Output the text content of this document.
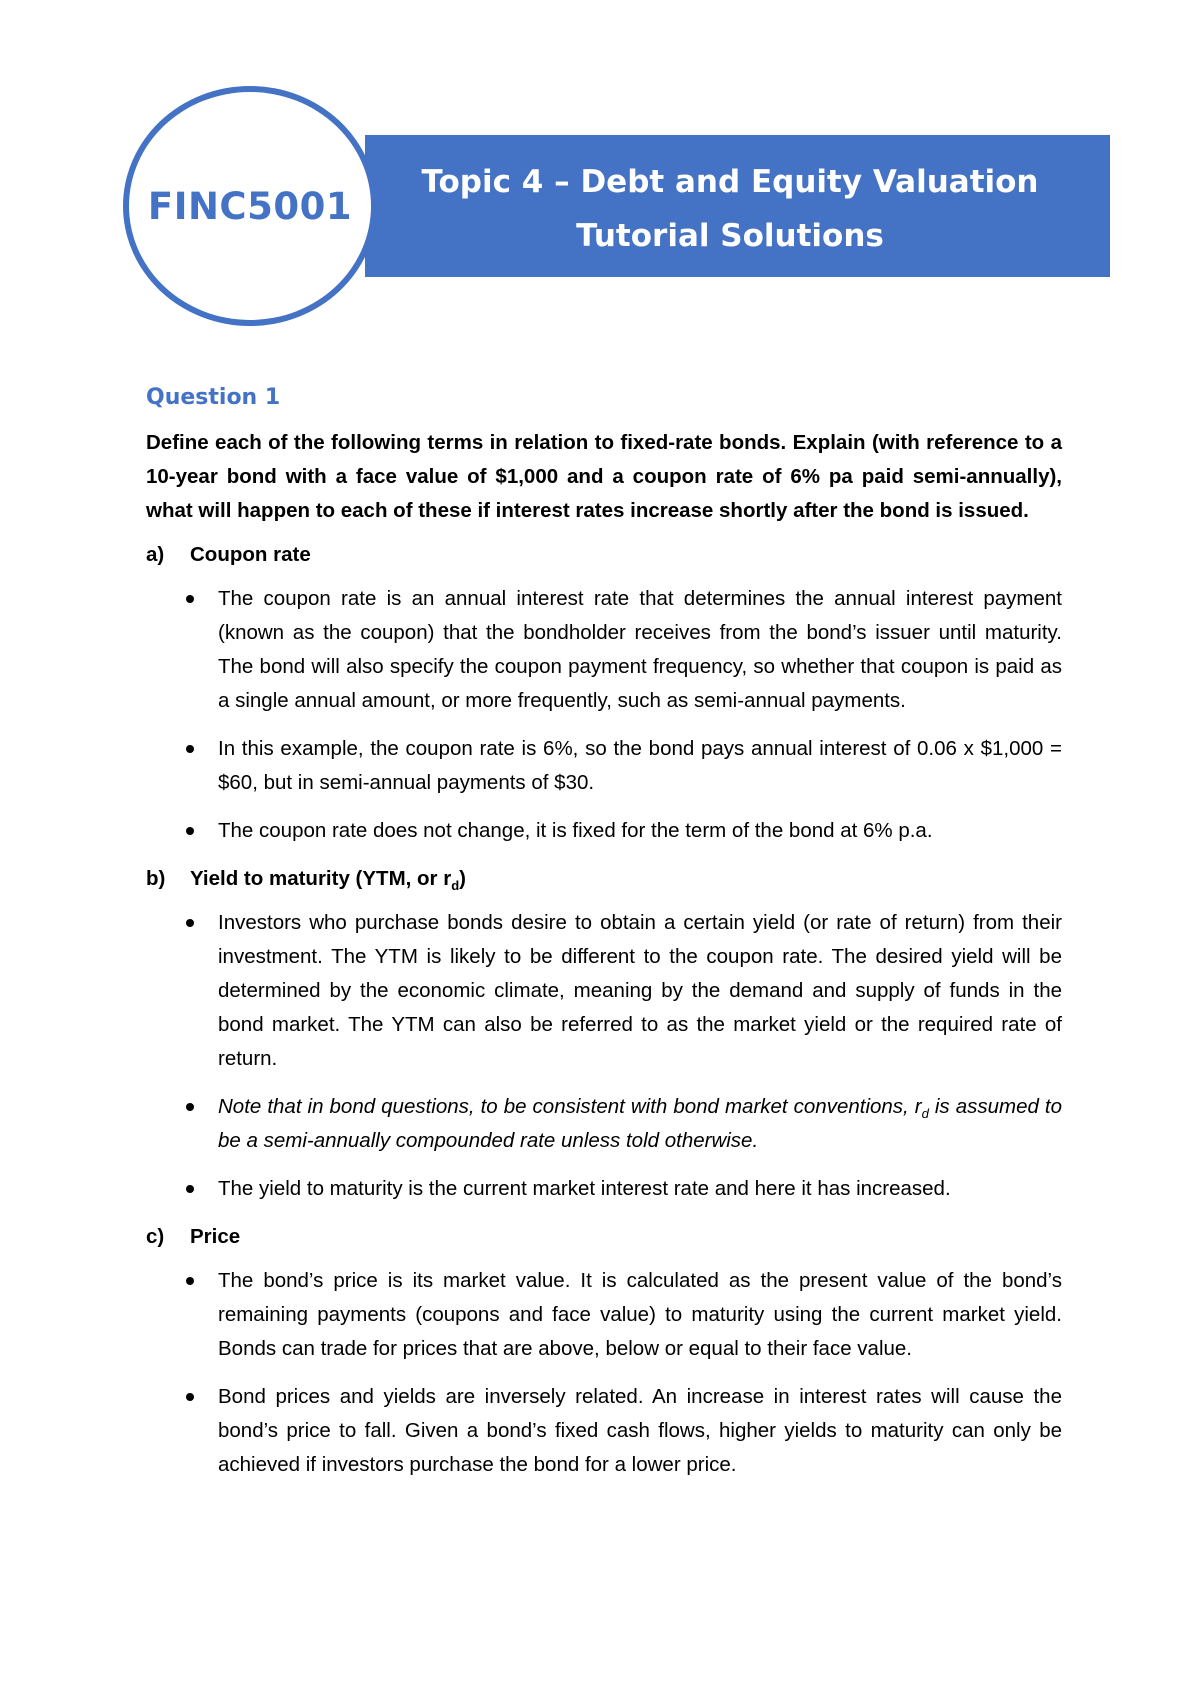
Topic 4 – Debt and Equity Valuation
Tutorial Solutions
FINC5001
Question 1

Define each of the following terms in relation to fixed-rate bonds. Explain (with reference to a 10-year bond with a face value of $1,000 and a coupon rate of 6% pa paid semi-annually), what will happen to each of these if interest rates increase shortly after the bond is issued.

a)	Coupon rate
The coupon rate is an annual interest rate that determines the annual interest payment (known as the coupon) that the bondholder receives from the bond’s issuer until maturity. The bond will also specify the coupon payment frequency, so whether that coupon is paid as a single annual amount, or more frequently, such as semi-annual payments.
In this example, the coupon rate is 6%, so the bond pays annual interest of 0.06 x $1,000 = $60, but in semi-annual payments of $30.
The coupon rate does not change, it is fixed for the term of the bond at 6% p.a.
b)	Yield to maturity (YTM, or $r_d$)
Investors who purchase bonds desire to obtain a certain yield (or rate of return) from their investment. The YTM is likely to be different to the coupon rate. The desired yield will be determined by the economic climate, meaning by the demand and supply of funds in the bond market. The YTM can also be referred to as the market yield or the required rate of return.
Note that in bond questions, to be consistent with bond market conventions, $r_d$ is assumed to be a semi-annually compounded rate unless told otherwise.
The yield to maturity is the current market interest rate and here it has increased.
c)	Price
The bond’s price is its market value. It is calculated as the present value of the bond’s remaining payments (coupons and face value) to maturity using the current market yield. Bonds can trade for prices that are above, below or equal to their face value.
Bond prices and yields are inversely related. An increase in interest rates will cause the bond’s price to fall. Given a bond’s fixed cash flows, higher yields to maturity can only be achieved if investors purchase the bond for a lower price.
